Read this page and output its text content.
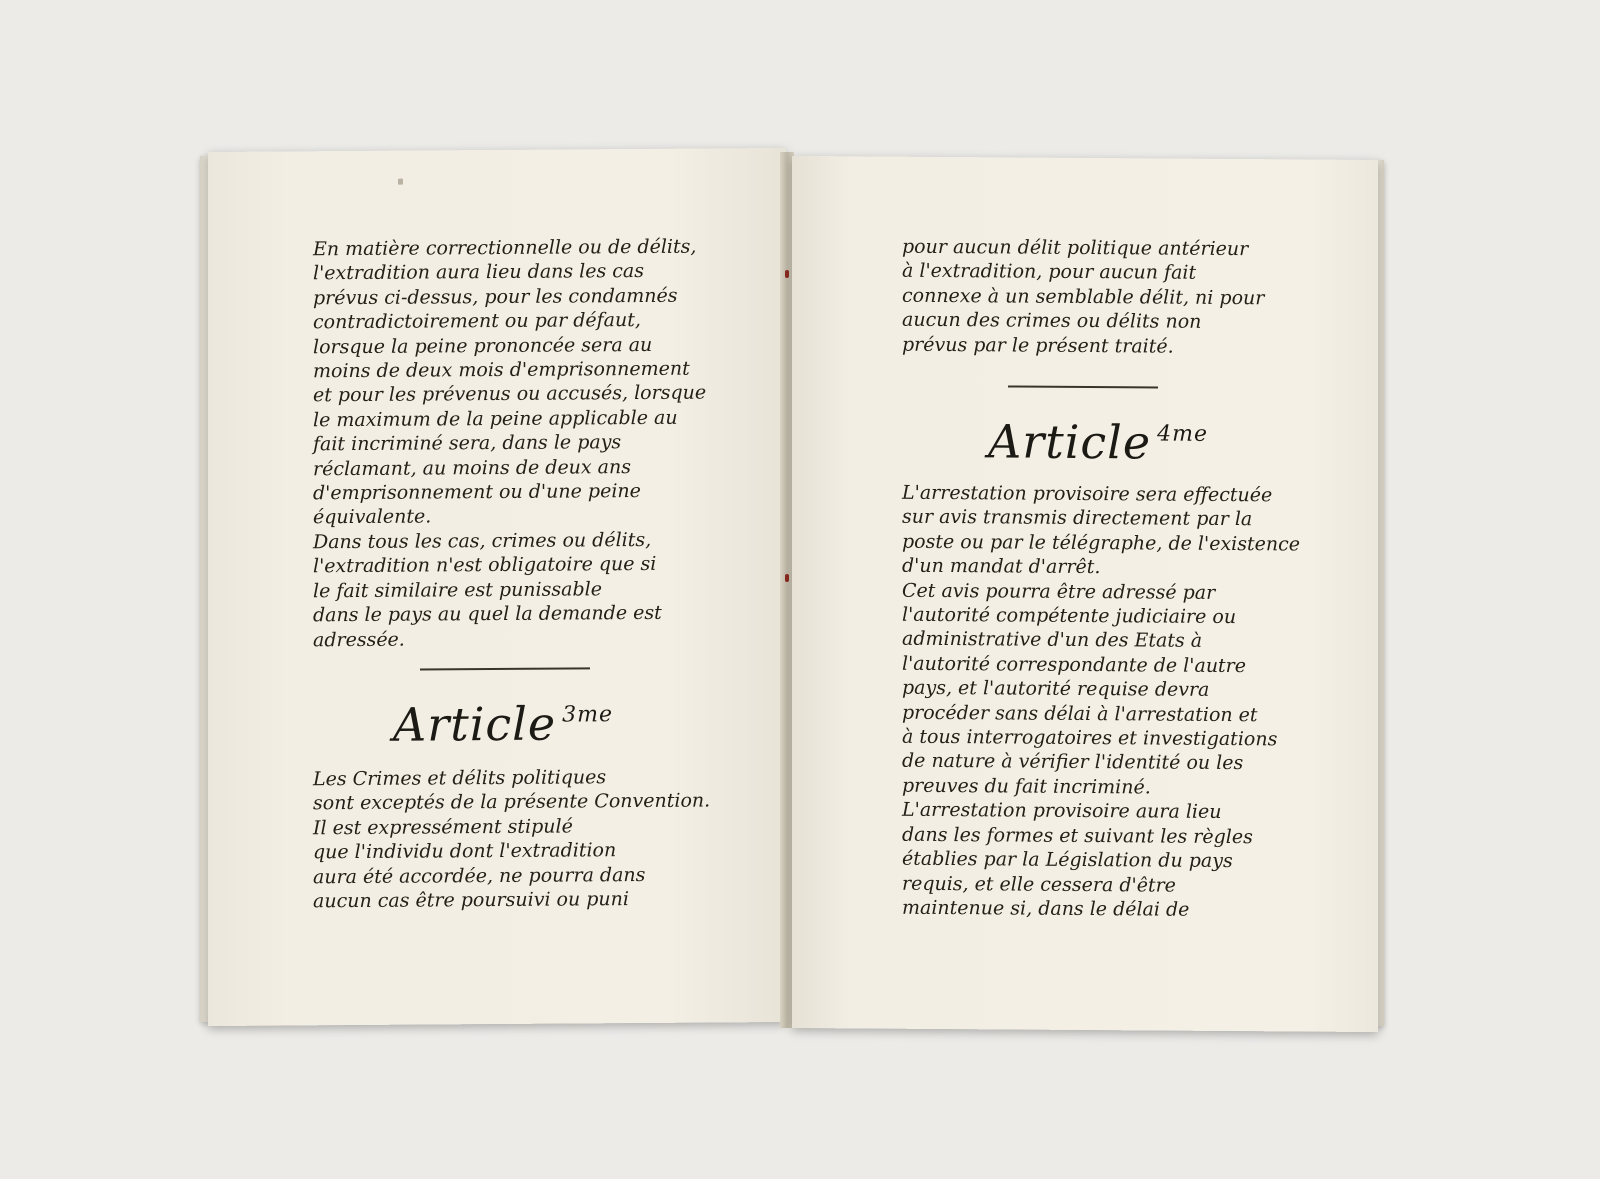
En matière correctionnelle ou de délits,
l'extradition aura lieu dans les cas
prévus ci-dessus, pour les condamnés
contradictoirement ou par défaut,
lorsque la peine prononcée sera au
moins de deux mois d'emprisonnement
et pour les prévenus ou accusés, lorsque
le maximum de la peine applicable au
fait incriminé sera, dans le pays
réclamant, au moins de deux ans
d'emprisonnement ou d'une peine
équivalente.

Dans tous les cas, crimes ou délits,
l'extradition n'est obligatoire que si
le fait similaire est punissable
dans le pays au quel la demande est
adressée.

Article $^{3me}$

Les Crimes et délits politiques
sont exceptés de la présente Convention.

Il est expressément stipulé
que l'individu dont l'extradition
aura été accordée, ne pourra dans
aucun cas être poursuivi ou puni

pour aucun délit politique antérieur
à l'extradition, pour aucun fait
connexe à un semblable délit, ni pour
aucun des crimes ou délits non
prévus par le présent traité.

Article $^{4me}$

L'arrestation provisoire sera effectuée
sur avis transmis directement par la
poste ou par le télégraphe, de l'existence
d'un mandat d'arrêt.

Cet avis pourra être adressé par
l'autorité compétente judiciaire ou
administrative d'un des Etats à
l'autorité correspondante de l'autre
pays, et l'autorité requise devra
procéder sans délai à l'arrestation et
à tous interrogatoires et investigations
de nature à vérifier l'identité ou les
preuves du fait incriminé.

L'arrestation provisoire aura lieu
dans les formes et suivant les règles
établies par la Législation du pays
requis, et elle cessera d'être
maintenue si, dans le délai de
